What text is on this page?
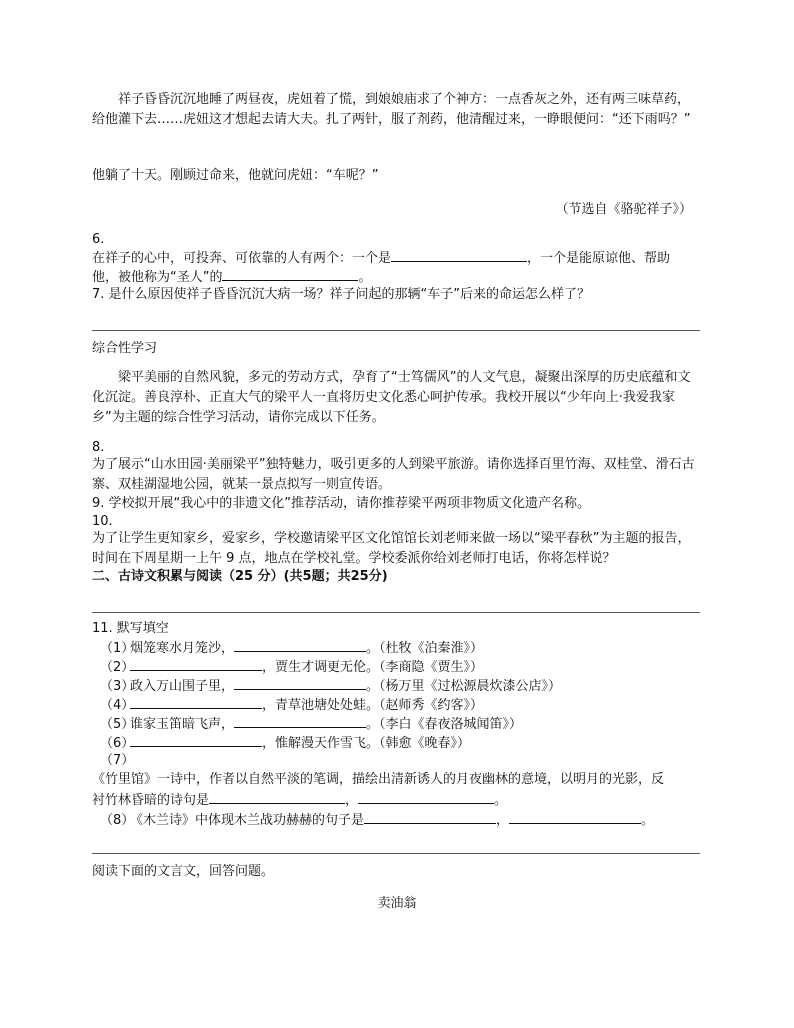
祥子昏昏沉沉地睡了两昼夜，虎妞着了慌，到娘娘庙求了个神方：一点香灰之外，还有两三味草药，给他灌下去……虎妞这才想起去请大夫。扎了两针，服了剂药，他清醒过来，一睁眼便问：“还下雨吗？”
他躺了十天。刚顾过命来，他就问虎妞：“车呢？”
（节选自《骆驼祥子》）
6.
在祥子的心中，可投奔、可依靠的人有两个：一个是	，一个是能原谅他、帮助
他，被他称为“圣人”的	。
7. 是什么原因使祥子昏昏沉沉大病一场？祥子问起的那辆“车子”后来的命运怎么样了？
综合性学习
梁平美丽的自然风貌，多元的劳动方式，孕育了“士笃儒风”的人文气息，凝聚出深厚的历史底蕴和文化沉淀。善良淳朴、正直大气的梁平人一直将历史文化悉心呵护传承。我校开展以“少年向上·我爱我家乡”为主题的综合性学习活动，请你完成以下任务。
8.
为了展示“山水田园·美丽梁平”独特魅力，吸引更多的人到梁平旅游。请你选择百里竹海、双桂堂、滑石古寨、双桂湖湿地公园，就某一景点拟写一则宣传语。
9. 学校拟开展“我心中的非遗文化”推荐活动，请你推荐梁平两项非物质文化遗产名称。
10.
为了让学生更知家乡，爱家乡，学校邀请梁平区文化馆馆长刘老师来做一场以“梁平春秋”为主题的报告，时间在下周星期一上午 9 点，地点在学校礼堂。学校委派你给刘老师打电话，你将怎样说？
二、古诗文积累与阅读（25 分）(共5题；共25分)
11. 默写填空
（1）烟笼寒水月笼沙，	。（杜牧《泊秦淮》）
（2）	，贾生才调更无伦。（李商隐《贾生》）
（3）政入万山围子里，	。（杨万里《过松源晨炊漆公店》）
（4）	，青草池塘处处蛙。（赵师秀《约客》）
（5）谁家玉笛暗飞声，	。（李白《春夜洛城闻笛》）
（6）	，惟解漫天作雪飞。（韩愈《晚春》）
（7）
《竹里馆》一诗中，作者以自然平淡的笔调，描绘出清新诱人的月夜幽林的意境，以明月的光影，反
衬竹林昏暗的诗句是	，	。
（8）《木兰诗》中体现木兰战功赫赫的句子是	，	。
阅读下面的文言文，回答问题。
卖油翁
